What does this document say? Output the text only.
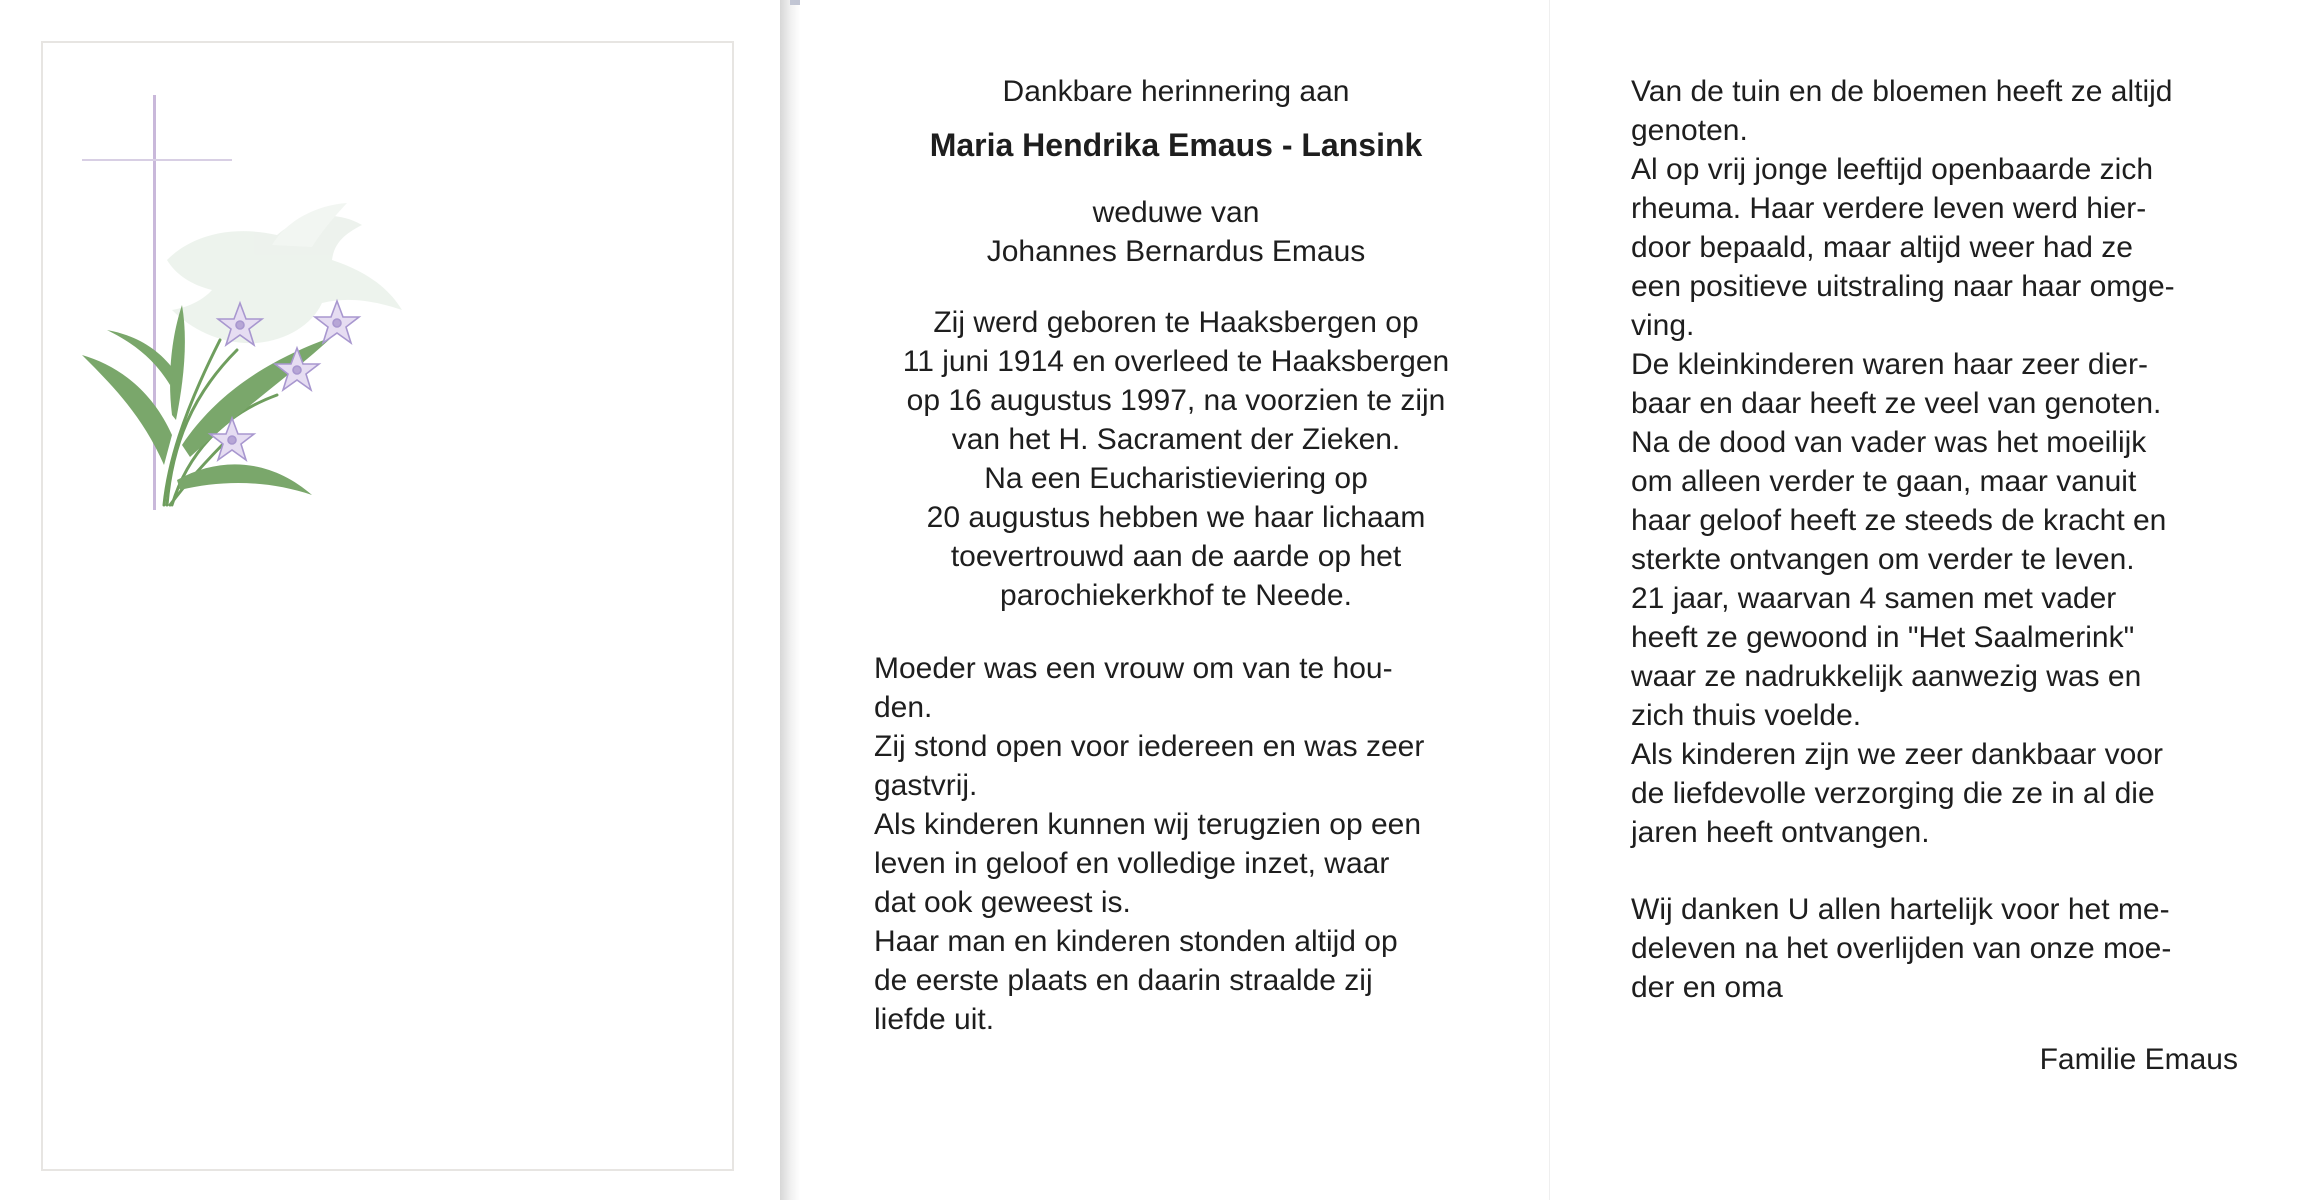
Dankbare herinnering aan

Maria Hendrika Emaus - Lansink

weduwe van
Johannes Bernardus Emaus

Zij werd geboren te Haaksbergen op
11 juni 1914 en overleed te Haaksbergen
op 16 augustus 1997, na voorzien te zijn
van het H. Sacrament der Zieken.
Na een Eucharistieviering op
20 augustus hebben we haar lichaam
toevertrouwd aan de aarde op het
parochiekerkhof te Neede.

Moeder was een vrouw om van te hou-
den.

Zij stond open voor iedereen en was zeer
gastvrij.

Als kinderen kunnen wij terugzien op een
leven in geloof en volledige inzet, waar
dat ook geweest is.

Haar man en kinderen stonden altijd op
de eerste plaats en daarin straalde zij
liefde uit.

Van de tuin en de bloemen heeft ze altijd
genoten.

Al op vrij jonge leeftijd openbaarde zich
rheuma. Haar verdere leven werd hier-
door bepaald, maar altijd weer had ze
een positieve uitstraling naar haar omge-
ving.

De kleinkinderen waren haar zeer dier-
baar en daar heeft ze veel van genoten.

Na de dood van vader was het moeilijk
om alleen verder te gaan, maar vanuit
haar geloof heeft ze steeds de kracht en
sterkte ontvangen om verder te leven.

21 jaar, waarvan 4 samen met vader
heeft ze gewoond in "Het Saalmerink"
waar ze nadrukkelijk aanwezig was en
zich thuis voelde.

Als kinderen zijn we zeer dankbaar voor
de liefdevolle verzorging die ze in al die
jaren heeft ontvangen.

Wij danken U allen hartelijk voor het me-
deleven na het overlijden van onze moe-
der en oma

Familie Emaus
